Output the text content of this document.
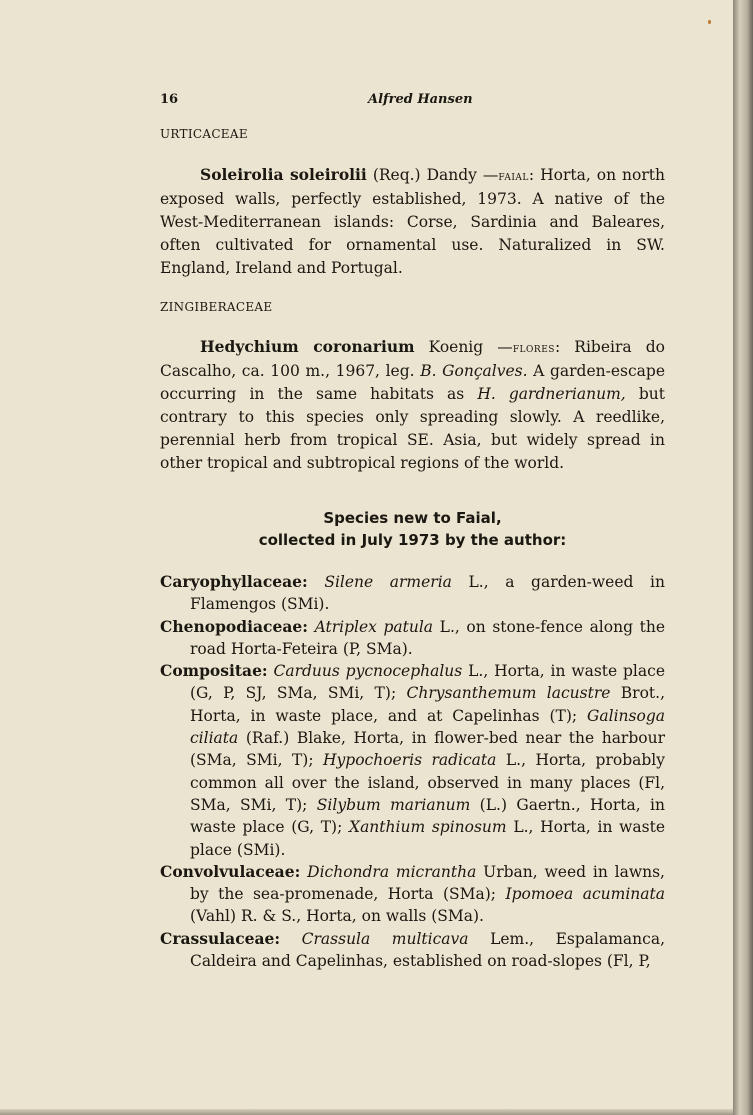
16	Alfred Hansen
URTICACEAE
Soleirolia soleirolii (Req.) Dandy —faial: Horta, on north exposed walls, perfectly established, 1973. A native of the West-Mediterranean islands: Corse, Sardinia and Baleares, often cultivated for ornamental use. Naturalized in SW. England, Ireland and Portugal.
ZINGIBERACEAE
Hedychium coronarium Koenig —flores: Ribeira do Cascalho, ca. 100 m., 1967, leg. B. Gonçalves. A garden-escape occurring in the same habitats as H. gardnerianum, but contrary to this species only spreading slowly. A reedlike, perennial herb from tropical SE. Asia, but widely spread in other tropical and subtropical regions of the world.
Species new to Faial,
collected in July 1973 by the author:
Caryophyllaceae: Silene armeria L., a garden-weed in Flamengos (SMi).
Chenopodiaceae: Atriplex patula L., on stone-fence along the road Horta-Feteira (P, SMa).
Compositae: Carduus pycnocephalus L., Horta, in waste place (G, P, SJ, SMa, SMi, T); Chrysanthemum lacustre Brot., Horta, in waste place, and at Capelinhas (T); Galinsoga ciliata (Raf.) Blake, Horta, in flower-bed near the harbour (SMa, SMi, T); Hypochoeris radicata L., Horta, probably common all over the island, observed in many places (Fl, SMa, SMi, T); Silybum marianum (L.) Gaertn., Horta, in waste place (G, T); Xanthium spinosum L., Horta, in waste place (SMi).
Convolvulaceae: Dichondra micrantha Urban, weed in lawns, by the sea-promenade, Horta (SMa); Ipomoea acuminata (Vahl) R. & S., Horta, on walls (SMa).
Crassulaceae: Crassula multicava Lem., Espalamanca, Caldeira and Capelinhas, established on road-slopes (Fl, P,
